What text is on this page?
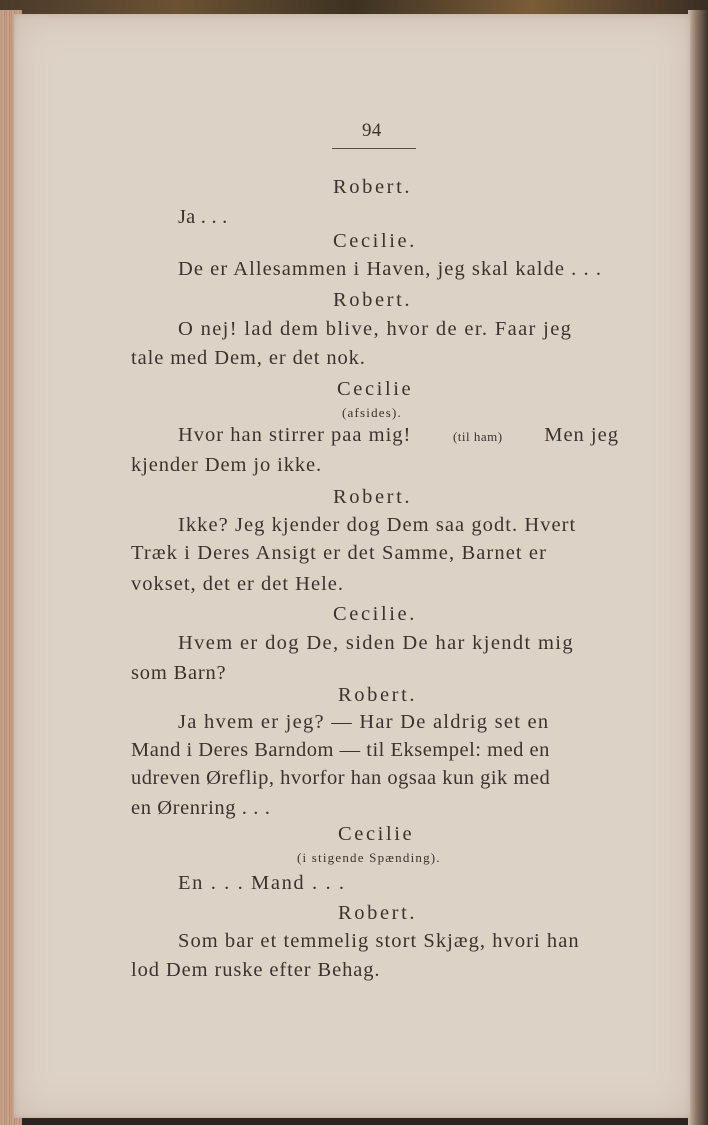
94
Robert.
Ja . . .
Cecilie.
De er Allesammen i Haven, jeg skal kalde . . .
Robert.
O nej! lad dem blive, hvor de er. Faar jeg
tale med Dem, er det nok.
Cecilie
(afsides).
Hvor han stirrer paa mig!	(til ham) Men jeg
kjender Dem jo ikke.
Robert.
Ikke? Jeg kjender dog Dem saa godt. Hvert
Træk i Deres Ansigt er det Samme, Barnet er
vokset, det er det Hele.
Cecilie.
Hvem er dog De, siden De har kjendt mig
som Barn?
Robert.
Ja hvem er jeg? — Har De aldrig set en
Mand i Deres Barndom — til Eksempel: med en
udreven Øreflip, hvorfor han ogsaa kun gik med
en Ørenring . . .
Cecilie
(i stigende Spænding).
En . . . Mand . . .
Robert.
Som bar et temmelig stort Skjæg, hvori han
lod Dem ruske efter Behag.
